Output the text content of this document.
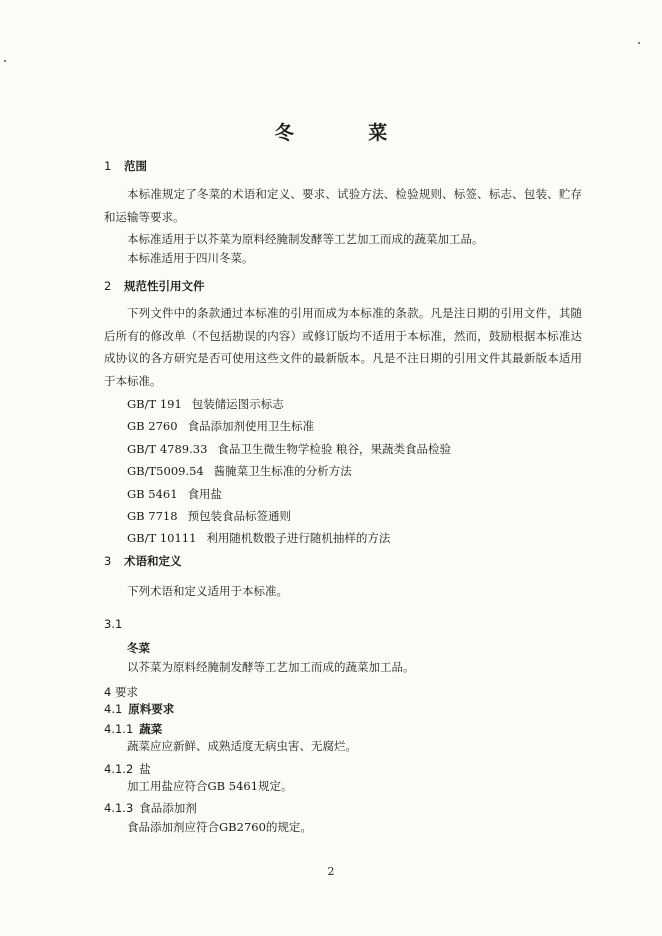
冬 菜
1 范围
本标准规定了冬菜的术语和定义、要求、试验方法、检验规则、标签、标志、包装、贮存和运输等要求。
本标准适用于以芥菜为原料经腌制发酵等工艺加工而成的蔬菜加工品。
本标准适用于四川冬菜。
2 规范性引用文件
下列文件中的条款通过本标准的引用而成为本标准的条款。凡是注日期的引用文件，其随后所有的修改单（不包括勘误的内容）或修订版均不适用于本标准，然而，鼓励根据本标准达成协议的各方研究是否可使用这些文件的最新版本。凡是不注日期的引用文件其最新版本适用于本标准。
GB/T 191 包装储运图示标志
GB 2760 食品添加剂使用卫生标准
GB/T 4789.33 食品卫生微生物学检验 粮谷，果蔬类食品检验
GB/T5009.54 酱腌菜卫生标准的分析方法
GB 5461 食用盐
GB 7718 预包装食品标签通则
GB/T 10111 利用随机数骰子进行随机抽样的方法
3 术语和定义
下列术语和定义适用于本标准。
3.1
冬菜
以芥菜为原料经腌制发酵等工艺加工而成的蔬菜加工品。
4 要求
4.1 原料要求
4.1.1 蔬菜
蔬菜应应新鲜、成熟适度无病虫害、无腐烂。
4.1.2 盐
加工用盐应符合GB 5461规定。
4.1.3 食品添加剂
食品添加剂应符合GB2760的规定。
2
